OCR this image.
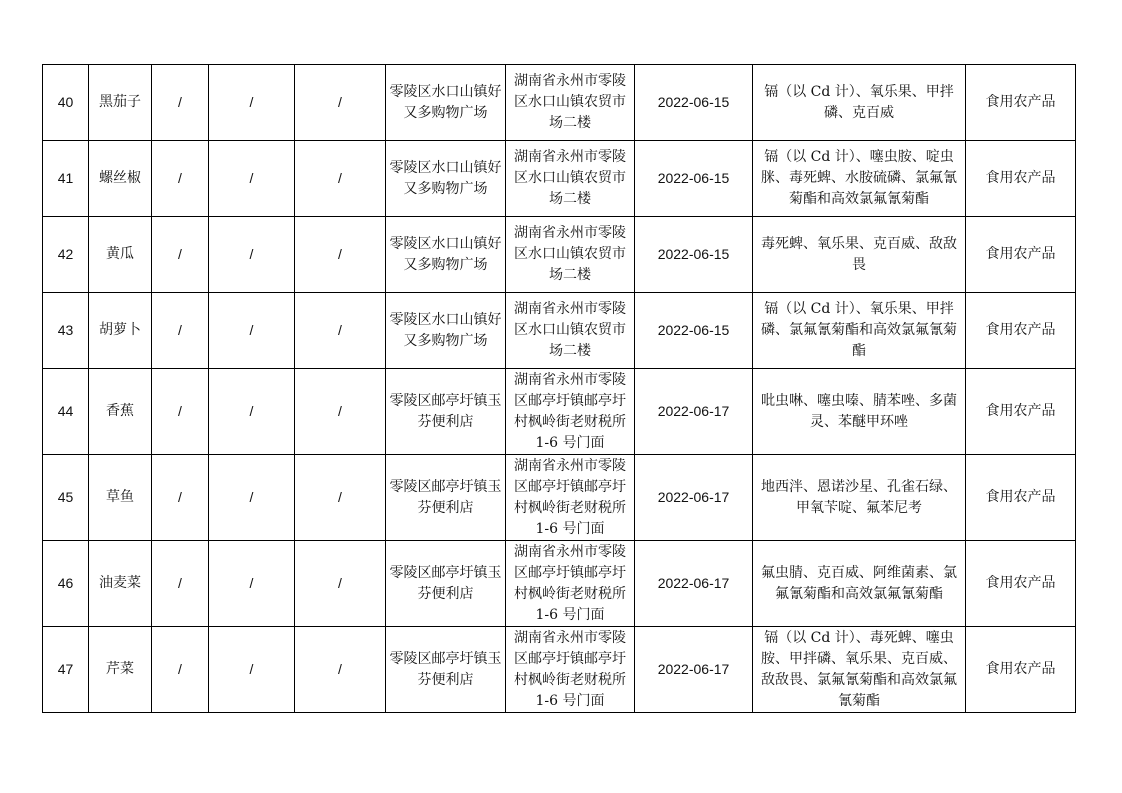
40	黑茄子	/	/	/	零陵区水口山镇好又多购物广场	湖南省永州市零陵区水口山镇农贸市场二楼	2022-06-15	镉（以 Cd 计）、氧乐果、甲拌磷、克百威	食用农产品
41	螺丝椒	/	/	/	零陵区水口山镇好又多购物广场	湖南省永州市零陵区水口山镇农贸市场二楼	2022-06-15	镉（以 Cd 计）、噻虫胺、啶虫脒、毒死蜱、水胺硫磷、氯氟氰菊酯和高效氯氟氰菊酯	食用农产品
42	黄瓜	/	/	/	零陵区水口山镇好又多购物广场	湖南省永州市零陵区水口山镇农贸市场二楼	2022-06-15	毒死蜱、氧乐果、克百威、敌敌畏	食用农产品
43	胡萝卜	/	/	/	零陵区水口山镇好又多购物广场	湖南省永州市零陵区水口山镇农贸市场二楼	2022-06-15	镉（以 Cd 计）、氧乐果、甲拌磷、氯氟氰菊酯和高效氯氟氰菊酯	食用农产品
44	香蕉	/	/	/	零陵区邮亭圩镇玉芬便利店	湖南省永州市零陵区邮亭圩镇邮亭圩村枫岭街老财税所 1-6 号门面	2022-06-17	吡虫啉、噻虫嗪、腈苯唑、多菌灵、苯醚甲环唑	食用农产品
45	草鱼	/	/	/	零陵区邮亭圩镇玉芬便利店	湖南省永州市零陵区邮亭圩镇邮亭圩村枫岭街老财税所 1-6 号门面	2022-06-17	地西泮、恩诺沙星、孔雀石绿、甲氧苄啶、氟苯尼考	食用农产品
46	油麦菜	/	/	/	零陵区邮亭圩镇玉芬便利店	湖南省永州市零陵区邮亭圩镇邮亭圩村枫岭街老财税所 1-6 号门面	2022-06-17	氟虫腈、克百威、阿维菌素、氯氟氰菊酯和高效氯氟氰菊酯	食用农产品
47	芹菜	/	/	/	零陵区邮亭圩镇玉芬便利店	湖南省永州市零陵区邮亭圩镇邮亭圩村枫岭街老财税所 1-6 号门面	2022-06-17	镉（以 Cd 计）、毒死蜱、噻虫胺、甲拌磷、氧乐果、克百威、敌敌畏、氯氟氰菊酯和高效氯氟氰菊酯	食用农产品
